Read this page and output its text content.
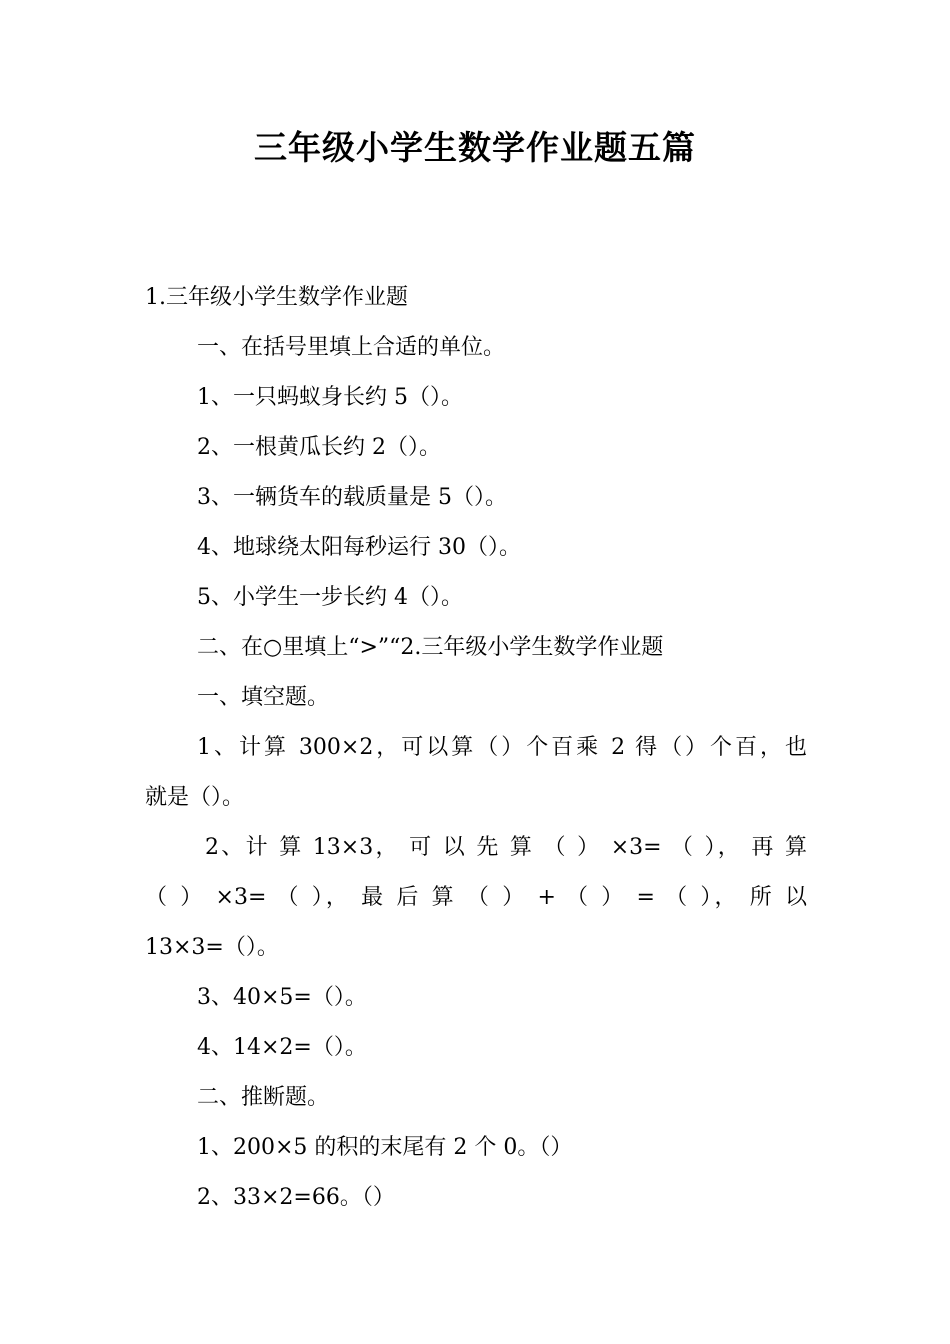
三年级小学生数学作业题五篇

1.三年级小学生数学作业题

一、在括号里填上合适的单位。

1、一只蚂蚁身长约 5（）。

2、一根黄瓜长约 2（）。

3、一辆货车的载质量是 5（）。

4、地球绕太阳每秒运行 30（）。

5、小学生一步长约 4（）。

二、在○里填上“>”“2.三年级小学生数学作业题

一、填空题。

1、计算 300×2，可以算（）个百乘 2 得（）个百，也

就是（）。

2、计 算 13×3， 可 以 先 算 （ ） ×3= （ ）， 再 算

（ ） ×3= （ ）， 最 后 算 （ ） + （ ） = （ ）， 所 以

13×3=（）。

3、40×5=（）。

4、14×2=（）。

二、推断题。

1、200×5 的积的末尾有 2 个 0。（）

2、33×2=66。（）
